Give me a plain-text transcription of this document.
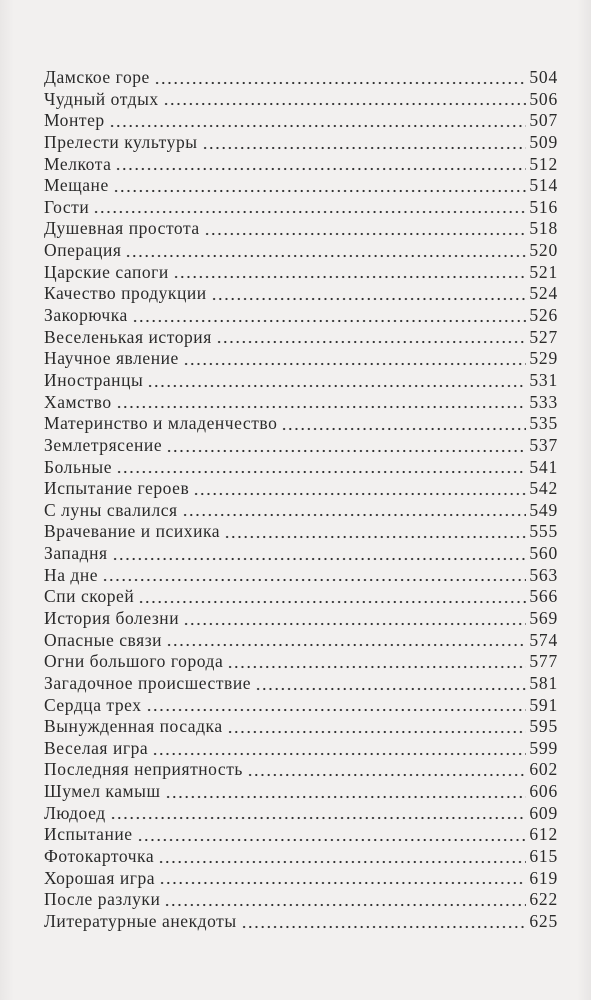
Дамское горе	504
Чудный отдых	506
Монтер	507
Прелести культуры	509
Мелкота	512
Мещане	514
Гости	516
Душевная простота	518
Операция	520
Царские сапоги	521
Качество продукции	524
Закорючка	526
Веселенькая история	527
Научное явление	529
Иностранцы	531
Хамство	533
Материнство и младенчество	535
Землетрясение	537
Больные	541
Испытание героев	542
С луны свалился	549
Врачевание и психика	555
Западня	560
На дне	563
Спи скорей	566
История болезни	569
Опасные связи	574
Огни большого города	577
Загадочное происшествие	581
Сердца трех	591
Вынужденная посадка	595
Веселая игра	599
Последняя неприятность	602
Шумел камыш	606
Людоед	609
Испытание	612
Фотокарточка	615
Хорошая игра	619
После разлуки	622
Литературные анекдоты	625
